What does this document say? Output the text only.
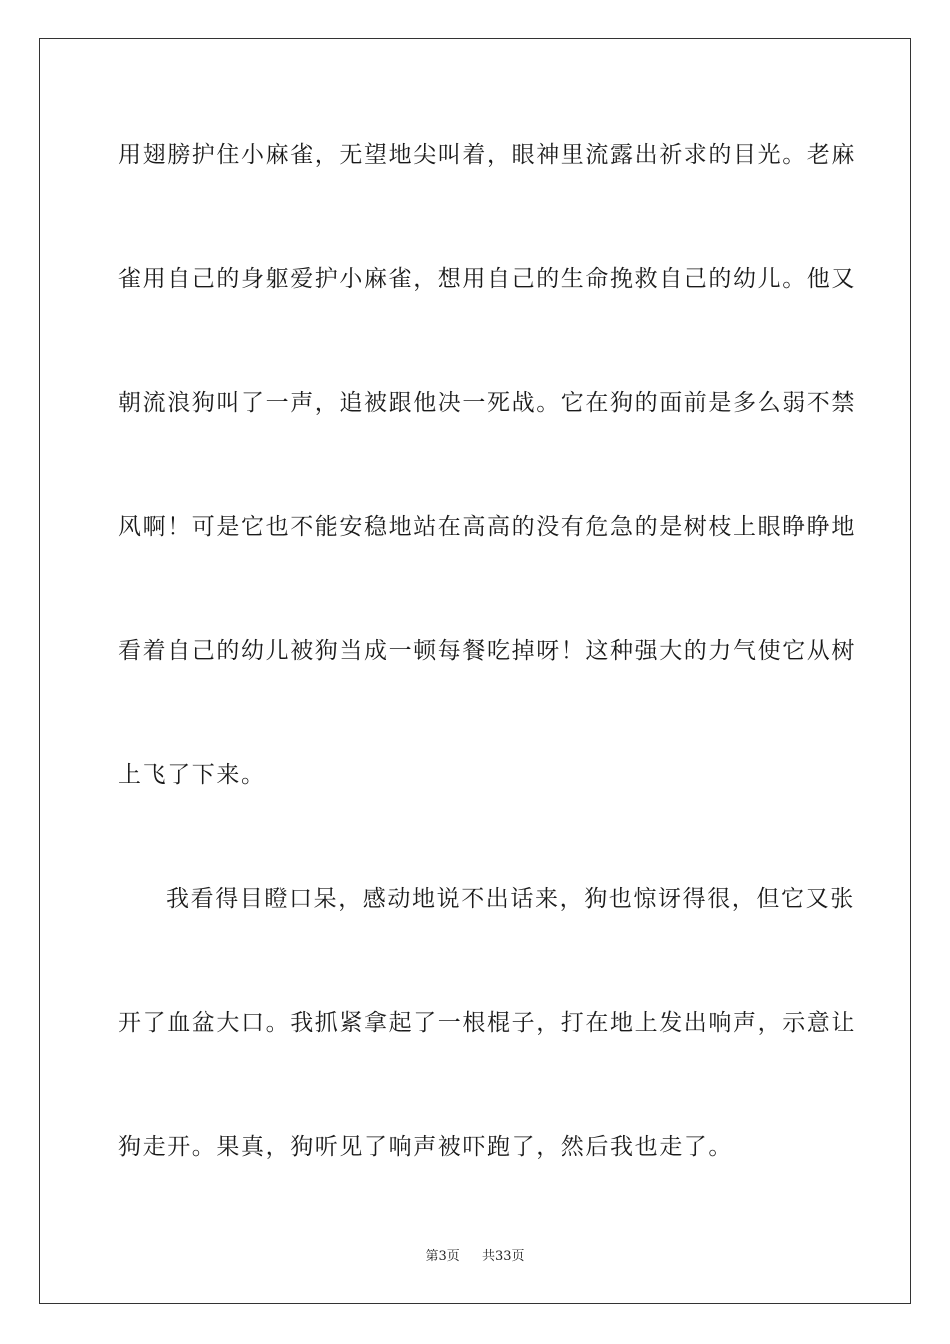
用翅膀护住小麻雀，无望地尖叫着，眼神里流露出祈求的目光。老麻
雀用自己的身躯爱护小麻雀，想用自己的生命挽救自己的幼儿。他又
朝流浪狗叫了一声，追被跟他决一死战。它在狗的面前是多么弱不禁
风啊！可是它也不能安稳地站在高高的没有危急的是树枝上眼睁睁地
看着自己的幼儿被狗当成一顿每餐吃掉呀！这种强大的力气使它从树
上飞了下来。
我看得目瞪口呆，感动地说不出话来，狗也惊讶得很，但它又张
开了血盆大口。我抓紧拿起了一根棍子，打在地上发出响声，示意让
狗走开。果真，狗听见了响声被吓跑了，然后我也走了。
第3页 共33页
